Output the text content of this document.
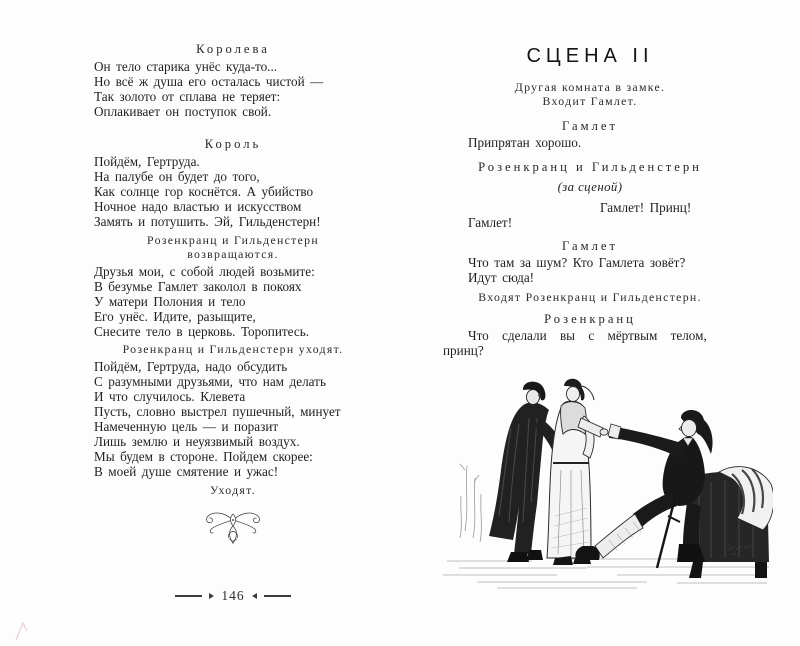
Королева
Он тело старика унёс куда-то...
Но всё ж душа его осталась чистой —
Так золото от сплава не теряет:
Оплакивает он поступок свой.
Король
Пойдём, Гертруда.
На палубе он будет до того,
Как солнце гор коснётся. А убийство
Ночное надо властью и искусством
Замять и потушить. Эй, Гильденстерн!
Розенкранц и Гильденстерн
возвращаются.
Друзья мои, с собой людей возьмите:
В безумье Гамлет заколол в покоях
У матери Полония и тело
Его унёс. Идите, разыщите,
Снесите тело в церковь. Торопитесь.
Розенкранц и Гильденстерн уходят.
Пойдём, Гертруда, надо обсудить
С разумными друзьями, что нам делать
И что случилось. Клевета
Пусть, словно выстрел пушечный, минует
Намеченную цель — и поразит
Лишь землю и неуязвимый воздух.
Мы будем в стороне. Пойдем скорее:
В моей душе смятение и ужас!
Уходят.
146
СЦЕНА II
Другая комната в замке.
Входит Гамлет.
Гамлет
Припрятан хорошо.
Розенкранц и Гильденстерн
(за сценой)
Гамлет! Принц!
Гамлет!
Гамлет
Что там за шум? Кто Гамлета зовёт?
Идут сюда!
Входят Розенкранц и Гильденстерн.
Розенкранц
Что сделали вы с мёртвым телом,
принц?
